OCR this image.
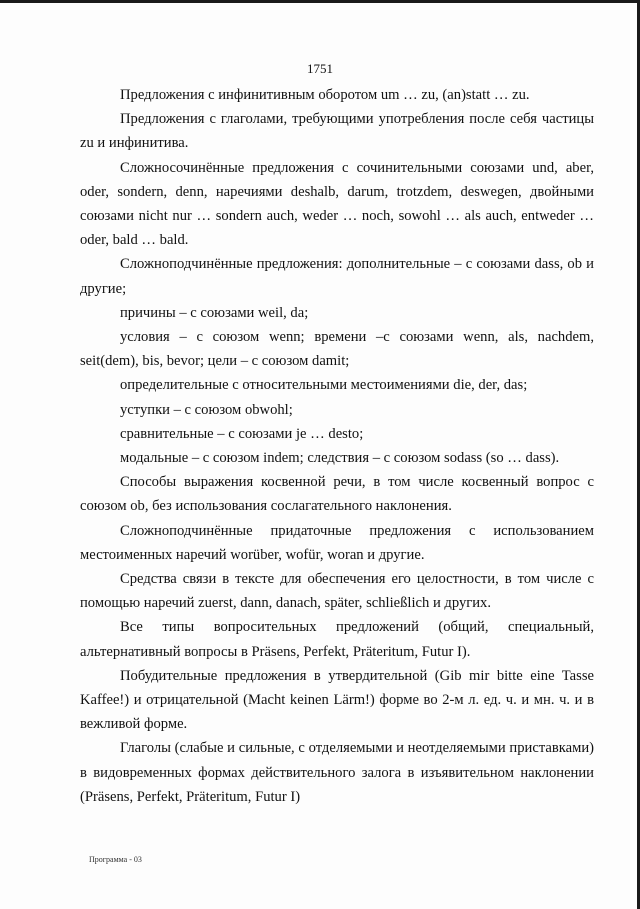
1751

Предложения с инфинитивным оборотом um … zu, (an)statt … zu.

Предложения с глаголами, требующими употребления после себя частицы zu и инфинитива.

Сложносочинённые предложения с сочинительными союзами und, aber, oder, sondern, denn, наречиями deshalb, darum, trotzdem, deswegen, двойными союзами nicht nur … sondern auch, weder … noch, sowohl … als auch, entweder … oder, bald … bald.

Сложноподчинённые предложения: дополнительные – с союзами dass, ob и другие;

причины – с союзами weil, da;

условия – с союзом wenn; времени –с союзами wenn, als, nachdem, seit(dem), bis, bevor; цели – с союзом damit;

определительные с относительными местоимениями die, der, das;

уступки – с союзом obwohl;

сравнительные – с союзами je … desto;

модальные – с союзом indem; следствия – с союзом sodass (so … dass).

Способы выражения косвенной речи, в том числе косвенный вопрос с союзом ob, без использования сослагательного наклонения.

Сложноподчинённые придаточные предложения с использованием местоименных наречий worüber, wofür, woran и другие.

Средства связи в тексте для обеспечения его целостности, в том числе с помощью наречий zuerst, dann, danach, später, schließlich и других.

Все типы вопросительных предложений (общий, специальный, альтернативный вопросы в Präsens, Perfekt, Präteritum, Futur I).

Побудительные предложения в утвердительной (Gib mir bitte eine Tasse Kaffee!) и отрицательной (Macht keinen Lärm!) форме во 2-м л. ед. ч. и мн. ч. и в вежливой форме.

Глаголы (слабые и сильные, с отделяемыми и неотделяемыми приставками) в видовременных формах действительного залога в изъявительном наклонении (Präsens, Perfekt, Präteritum, Futur I)

Программа - 03
